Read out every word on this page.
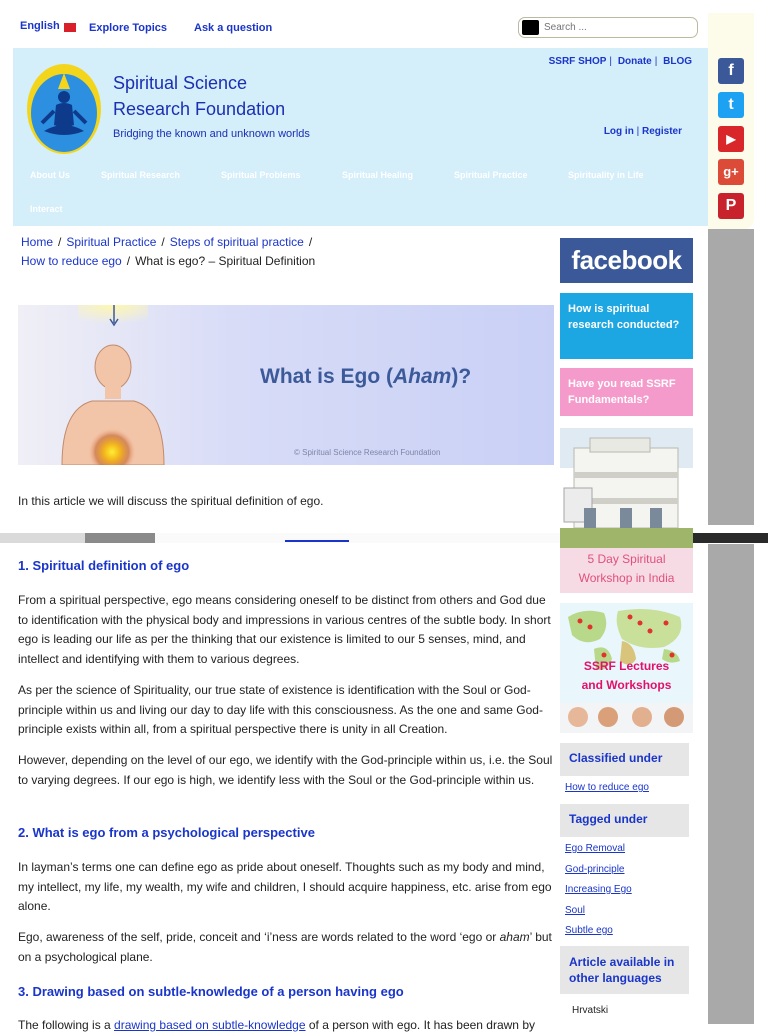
English	Explore Topics Ask a question
Search ...
Spiritual Science
Research Foundation
Bridging the known and unknown worlds
SSRF SHOP | Donate | BLOG
Log in | Register
About Us	Spiritual Research	Spiritual Problems	Spiritual Healing	Spiritual Practice	Spirituality in Life
Interact
f
t
▶
g+
P
Home / Spiritual Practice / Steps of spiritual practice /
How to reduce ego / What is ego? – Spiritual Definition
What is Ego (Aham)?
© Spiritual Science Research Foundation
facebook
How is spiritual research conducted?
Have you read SSRF Fundamentals?
5 Day Spiritual
Workshop in India
SSRF Lectures
and Workshops
Classified under
How to reduce ego
Tagged under
Ego Removal
God-principle
Increasing Ego
Soul
Subtle ego
Article available in other languages
Hrvatski
In this article we will discuss the spiritual definition of ego.
1. Spiritual definition of ego
From a spiritual perspective, ego means considering oneself to be distinct from others and God due to identification with the physical body and impressions in various centres of the subtle body. In short ego is leading our life as per the thinking that our existence is limited to our 5 senses, mind, and intellect and identifying with them to various degrees.
As per the science of Spirituality, our true state of existence is identification with the Soul or God-principle within us and living our day to day life with this consciousness. As the one and same God-principle exists within all, from a spiritual perspective there is unity in all Creation.
However, depending on the level of our ego, we identify with the God-principle within us, i.e. the Soul to varying degrees. If our ego is high, we identify less with the Soul or the God-principle within us.
2. What is ego from a psychological perspective
In layman’s terms one can define ego as pride about oneself. Thoughts such as my body and mind, my intellect, my life, my wealth, my wife and children, I should acquire happiness, etc. arise from ego alone.
Ego, awareness of the self, pride, conceit and ‘i’ness are words related to the word ‘ego or aham’ but on a psychological plane.
3. Drawing based on subtle-knowledge of a person having ego
The following is a drawing based on subtle-knowledge of a person with ego. It has been drawn by
